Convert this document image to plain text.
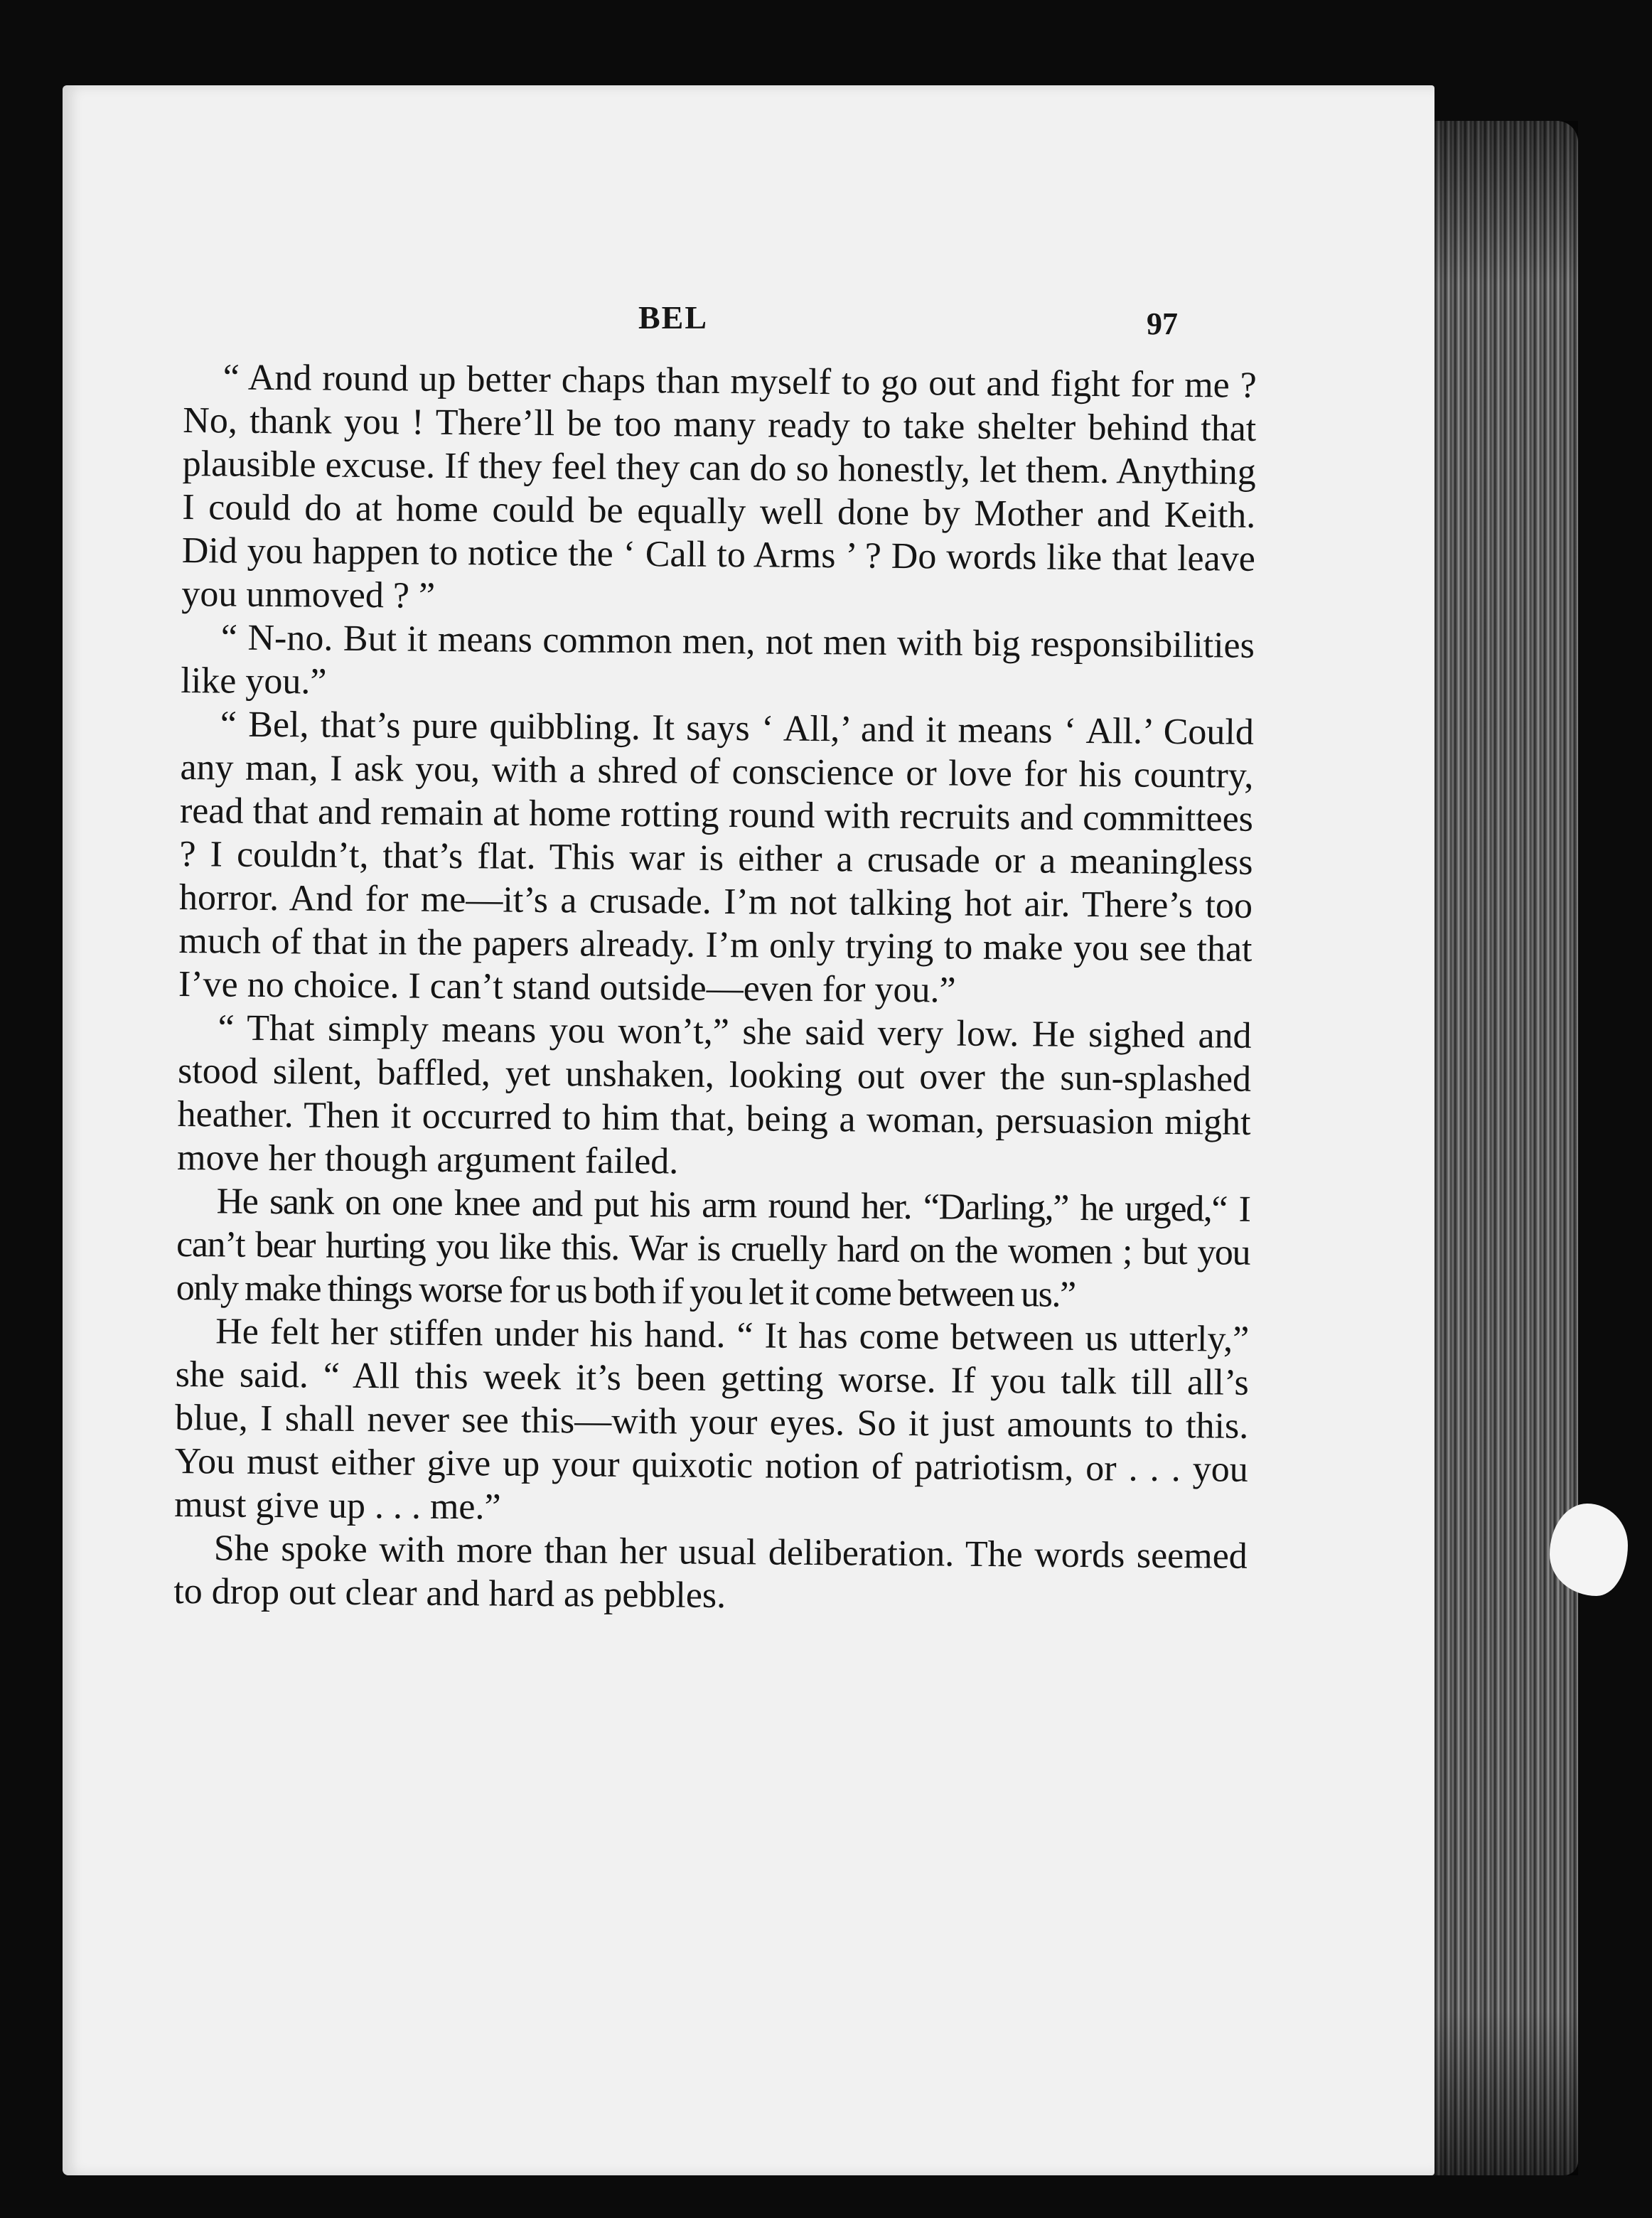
BEL	97

“ And round up better chaps than myself to go out and fight for me ? No, thank you ! There’ll be too many ready to take shelter behind that plausible excuse. If they feel they can do so honestly, let them. Anything I could do at home could be equally well done by Mother and Keith. Did you happen to notice the ‘ Call to Arms ’ ? Do words like that leave you unmoved ? ”

“ N-no. But it means common men, not men with big responsibilities like you.”

“ Bel, that’s pure quibbling. It says ‘ All,’ and it means ‘ All.’ Could any man, I ask you, with a shred of conscience or love for his country, read that and remain at home rotting round with recruits and committees ? I couldn’t, that’s flat. This war is either a crusade or a meaningless horror. And for me—it’s a crusade. I’m not talking hot air. There’s too much of that in the papers already. I’m only trying to make you see that I’ve no choice. I can’t stand outside—even for you.”

“ That simply means you won’t,” she said very low. He sighed and stood silent, baffled, yet unshaken, looking out over the sun-splashed heather. Then it occurred to him that, being a woman, persuasion might move her though argument failed.

He sank on one knee and put his arm round her. “Darling,” he urged,“ I can’t bear hurting you like this. War is cruelly hard on the women ; but you only make things worse for us both if you let it come between us.”

He felt her stiffen under his hand. “ It has come between us utterly,” she said. “ All this week it’s been getting worse. If you talk till all’s blue, I shall never see this—with your eyes. So it just amounts to this. You must either give up your quixotic notion of patriotism, or . . . you must give up . . . me.”

She spoke with more than her usual deliberation. The words seemed to drop out clear and hard as pebbles.
